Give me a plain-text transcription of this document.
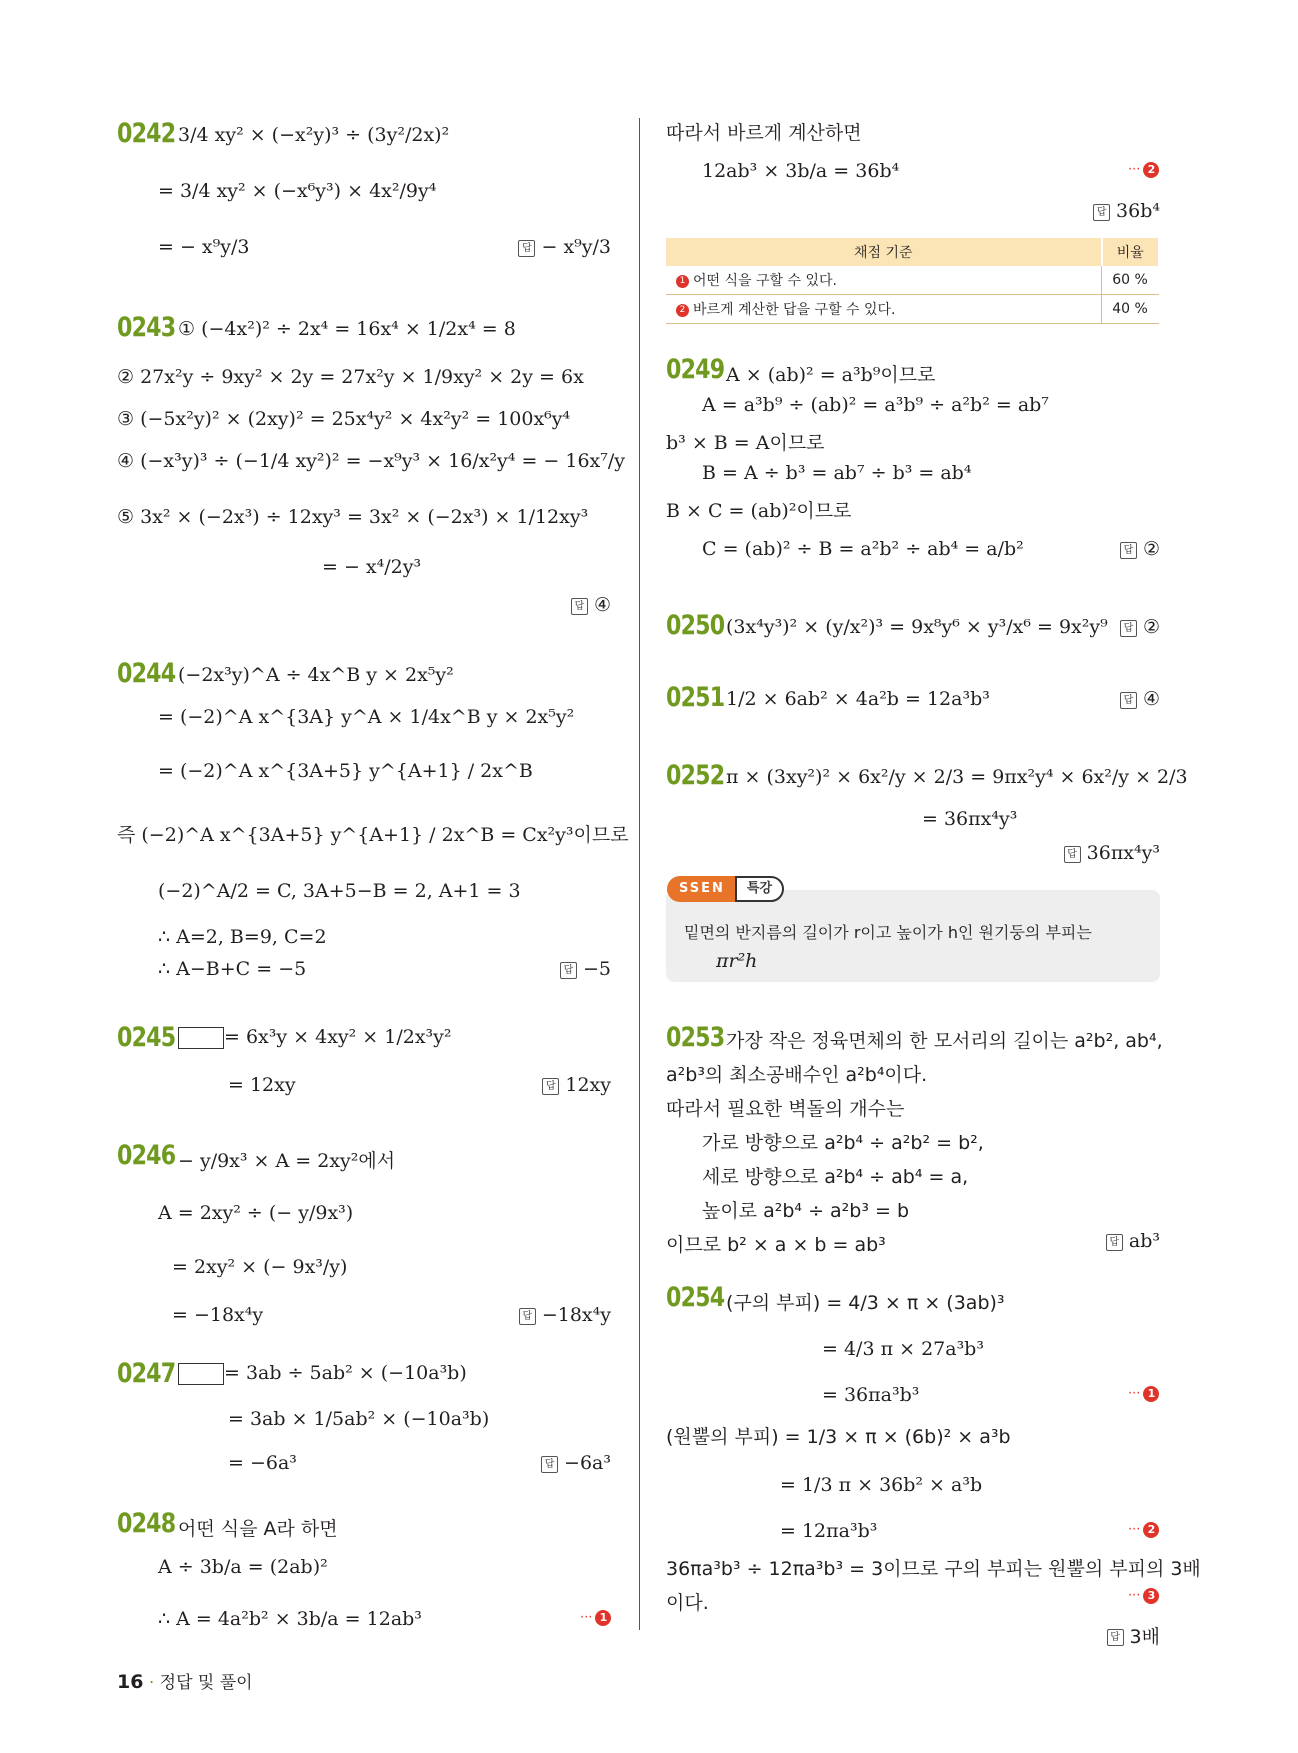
0242 3/4 xy² × (−x²y)³ ÷ (3y²/2x)²
= 3/4 xy² × (−x⁶y³) × 4x²/9y⁴
= − x⁹y/3	답 − x⁹y/3
0243 ① (−4x²)² ÷ 2x⁴ = 16x⁴ × 1/2x⁴ = 8
② 27x²y ÷ 9xy² × 2y = 27x²y × 1/9xy² × 2y = 6x
③ (−5x²y)² × (2xy)² = 25x⁴y² × 4x²y² = 100x⁶y⁴
④ (−x³y)³ ÷ (−1/4 xy²)² = −x⁹y³ × 16/x²y⁴ = − 16x⁷/y
⑤ 3x² × (−2x³) ÷ 12xy³ = 3x² × (−2x³) × 1/12xy³
= − x⁴/2y³
답 ④
0244 (−2x³y)^A ÷ 4x^B y × 2x⁵y²
= (−2)^A x^{3A} y^A × 1/4x^B y × 2x⁵y²
= (−2)^A x^{3A+5} y^{A+1} / 2x^B
즉 (−2)^A x^{3A+5} y^{A+1} / 2x^B = Cx²y³이므로
(−2)^A/2 = C, 3A+5−B = 2, A+1 = 3
∴ A=2, B=9, C=2
∴ A−B+C = −5	답 −5
0245	= 6x³y × 4xy² × 1/2x³y²
= 12xy	답 12xy
0246 − y/9x³ × A = 2xy²에서
A = 2xy² ÷ (− y/9x³)
= 2xy² × (− 9x³/y)
= −18x⁴y	답 −18x⁴y
0247	= 3ab ÷ 5ab² × (−10a³b)
= 3ab × 1/5ab² × (−10a³b)
= −6a³	답 −6a³
0248 어떤 식을 A라 하면
A ÷ 3b/a = (2ab)²
∴ A = 4a²b² × 3b/a = 12ab³	··· 1
따라서 바르게 계산하면
12ab³ × 3b/a = 36b⁴	··· 2
답 36b⁴
채점 기준	비율
1 어떤 식을 구할 수 있다.	60 %
2 바르게 계산한 답을 구할 수 있다.	40 %
0249 A × (ab)² = a³b⁹이므로
A = a³b⁹ ÷ (ab)² = a³b⁹ ÷ a²b² = ab⁷
b³ × B = A이므로
B = A ÷ b³ = ab⁷ ÷ b³ = ab⁴
B × C = (ab)²이므로
C = (ab)² ÷ B = a²b² ÷ ab⁴ = a/b²	답 ②
0250 (3x⁴y³)² × (y/x²)³ = 9x⁸y⁶ × y³/x⁶ = 9x²y⁹	답 ②
0251 1/2 × 6ab² × 4a²b = 12a³b³	답 ④
0252 π × (3xy²)² × 6x²/y × 2/3 = 9πx²y⁴ × 6x²/y × 2/3
= 36πx⁴y³
답 36πx⁴y³
SSEN 특강
밑면의 반지름의 길이가 r이고 높이가 h인 원기둥의 부피는
πr²h
0253 가장 작은 정육면체의 한 모서리의 길이는 a²b², ab⁴,
a²b³의 최소공배수인 a²b⁴이다.
따라서 필요한 벽돌의 개수는
가로 방향으로 a²b⁴ ÷ a²b² = b²,
세로 방향으로 a²b⁴ ÷ ab⁴ = a,
높이로 a²b⁴ ÷ a²b³ = b
이므로 b² × a × b = ab³	답 ab³
0254 (구의 부피) = 4/3 × π × (3ab)³
= 4/3 π × 27a³b³
= 36πa³b³	··· 1
(원뿔의 부피) = 1/3 × π × (6b)² × a³b
= 1/3 π × 36b² × a³b
= 12πa³b³	··· 2
36πa³b³ ÷ 12πa³b³ = 3이므로 구의 부피는 원뿔의 부피의 3배
이다.	··· 3
답 3배
16 · 정답 및 풀이
